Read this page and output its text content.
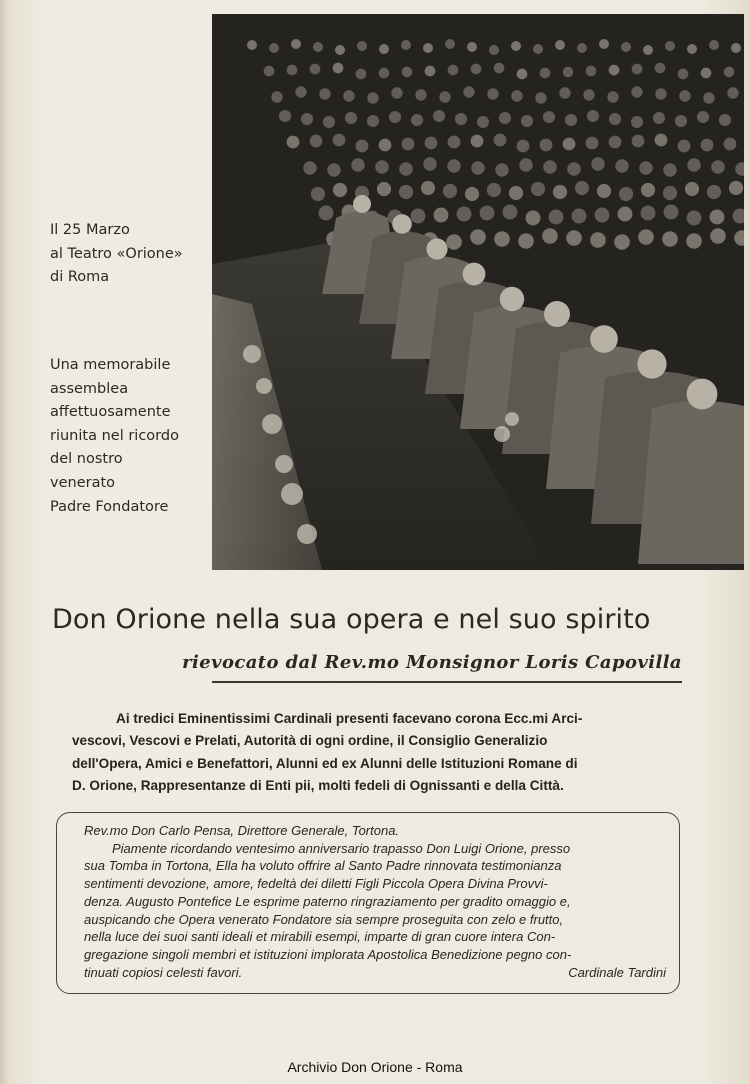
Il 25 Marzo
al Teatro «Orione»
di Roma
Una memorabile
assemblea
affettuosamente
riunita nel ricordo
del nostro
venerato
Padre Fondatore
Don Orione nella sua opera e nel suo spirito
rievocato dal Rev.mo Monsignor Loris Capovilla
Ai tredici Eminentissimi Cardinali presenti facevano corona Ecc.mi Arci-
vescovi, Vescovi e Prelati, Autorità di ogni ordine, il Consiglio Generalizio
dell'Opera, Amici e Benefattori, Alunni ed ex Alunni delle Istituzioni Romane di
D. Orione, Rappresentanze di Enti pii, molti fedeli di Ognissanti e della Città.
Rev.mo Don Carlo Pensa, Direttore Generale, Tortona.
Piamente ricordando ventesimo anniversario trapasso Don Luigi Orione, presso
sua Tomba in Tortona, Ella ha voluto offrire al Santo Padre rinnovata testimonianza
sentimenti devozione, amore, fedeltà dei diletti Figli Piccola Opera Divina Provvi-
denza. Augusto Pontefice Le esprime paterno ringraziamento per gradito omaggio e,
auspicando che Opera venerato Fondatore sia sempre proseguita con zelo e frutto,
nella luce dei suoi santi ideali et mirabili esempi, imparte di gran cuore intera Con-
gregazione singoli membri et istituzioni implorata Apostolica Benedizione pegno con-
tinuati copiosi celesti favori.	Cardinale Tardini
Archivio Don Orione - Roma
